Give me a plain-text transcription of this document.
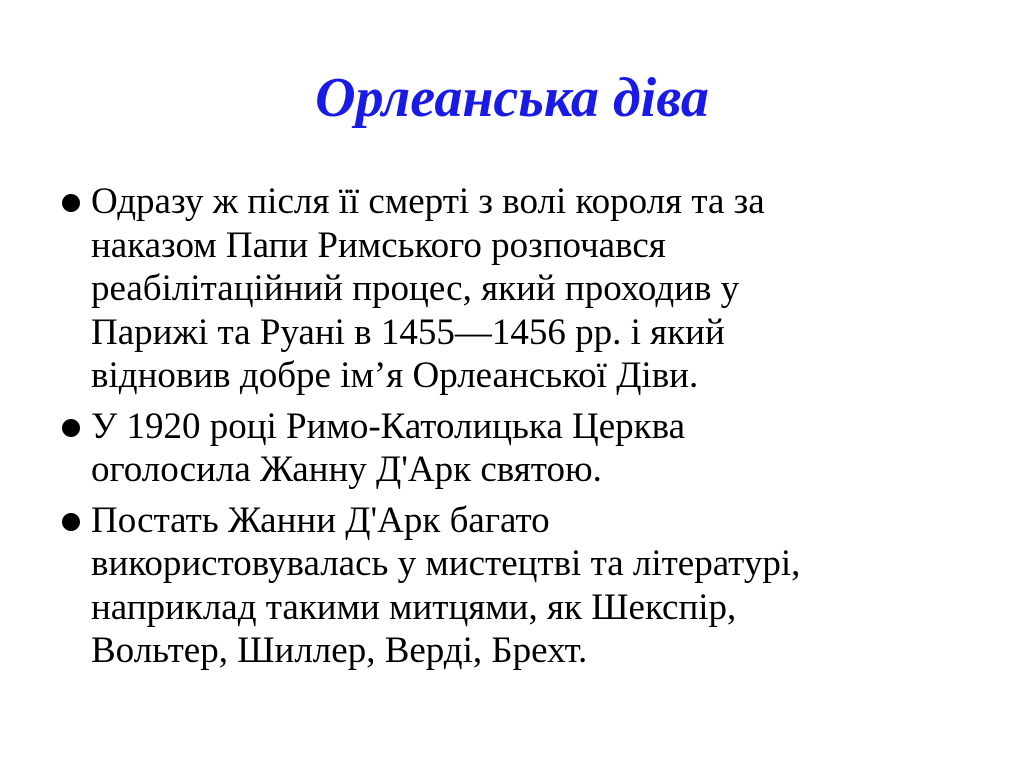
Орлеанська діва
Одразу ж після її смерті з волі короля та за
наказом Папи Римського розпочався
реабілітаційний процес, який проходив у
Парижі та Руані в 1455—1456 рр. і який
відновив добре ім’я Орлеанської Діви.
У 1920 році Римо-Католицька Церква
оголосила Жанну Д'Арк святою.
Постать Жанни Д'Арк багато
використовувалась у мистецтві та літературі,
наприклад такими митцями, як Шекспір,
Вольтер, Шиллер, Верді, Брехт.
